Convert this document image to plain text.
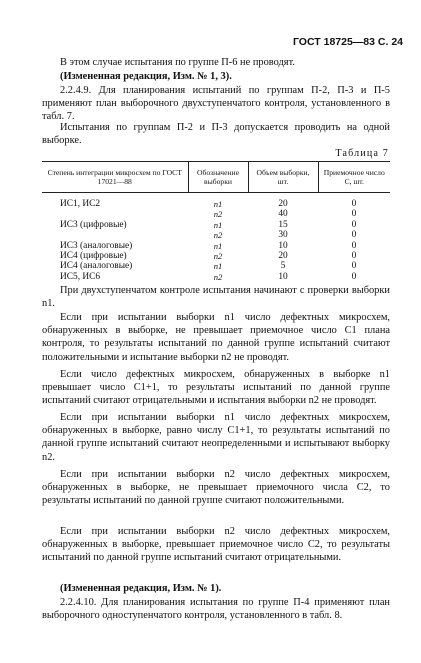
ГОСТ 18725—83 С. 24
В этом случае испытания по группе П-6 не проводят.
(Измененная редакция, Изм. № 1, 3).
2.2.4.9. Для планирования испытаний по группам П-2, П-3 и П-5 применяют план выборочного двухступенчатого контроля, установленного в табл. 7.
Испытания по группам П-2 и П-3 допускается проводить на одной выборке.
Таблица 7
Степень интеграции микросхем по ГОСТ 17021—88	Обозначение выборки	Объем выборки, шт.	Приемочное число C, шт.
ИС1, ИС2	n1	20	0
	n2	40	0
ИС3 (цифровые)	n1	15	0
	n2	30	0
ИС3 (аналоговые)	n1	10	0
ИС4 (цифровые)	n2	20	0
ИС4 (аналоговые)	n1	5	0
ИС5, ИС6	n2	10	0
При двухступенчатом контроле испытания начинают с проверки выборки n1.
Если при испытании выборки n1 число дефектных микросхем, обнаруженных в выборке, не превышает приемочное число C1 плана контроля, то результаты испытаний по данной группе испытаний считают положительными и испытание выборки n2 не проводят.
Если число дефектных микросхем, обнаруженных в выборке n1 превышает число C1+1, то результаты испытаний по данной группе испытаний считают отрицательными и испытания выборки n2 не проводят.
Если при испытании выборки n1 число дефектных микросхем, обнаруженных в выборке, равно числу C1+1, то результаты испытаний по данной группе испытаний считают неопределенными и испытывают выборку n2.
Если при испытании выборки n2 число дефектных микросхем, обнаруженных в выборке, не превышает приемочного числа C2, то результаты испытаний по данной группе считают положительными.
Если при испытании выборки n2 число дефектных микросхем, обнаруженных в выборке, превышает приемочное число C2, то результаты испытаний по данной группе испытаний считают отрицательными.
(Измененная редакция, Изм. № 1).
2.2.4.10. Для планирования испытания по группе П-4 применяют план выборочного одноступенчатого контроля, установленного в табл. 8.
